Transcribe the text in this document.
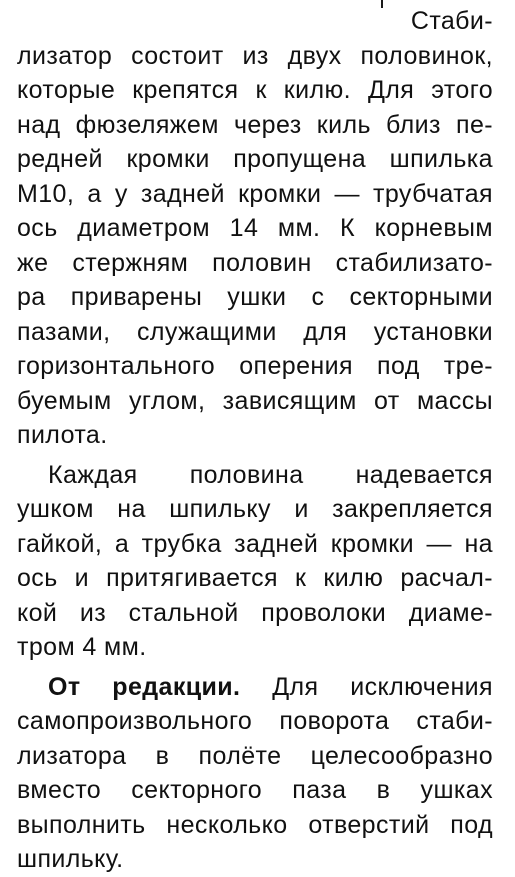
Стаби-
лизатор состоит из двух половинок,
которые крепятся к килю. Для этого
над фюзеляжем через киль близ пе-
редней кромки пропущена шпилька
М10, а у задней кромки — трубчатая
ось диаметром 14 мм. К корневым
же стержням половин стабилизато-
ра приварены ушки с секторными
пазами, служащими для установки
горизонтального оперения под тре-
буемым углом, зависящим от массы
пилота.
Каждая половина надевается
ушком на шпильку и закрепляется
гайкой, а трубка задней кромки — на
ось и притягивается к килю расчал-
кой из стальной проволоки диаме-
тром 4 мм.
От редакции. Для исключения
самопроизвольного поворота стаби-
лизатора в полёте целесообразно
вместо секторного паза в ушках
выполнить несколько отверстий под
шпильку.
